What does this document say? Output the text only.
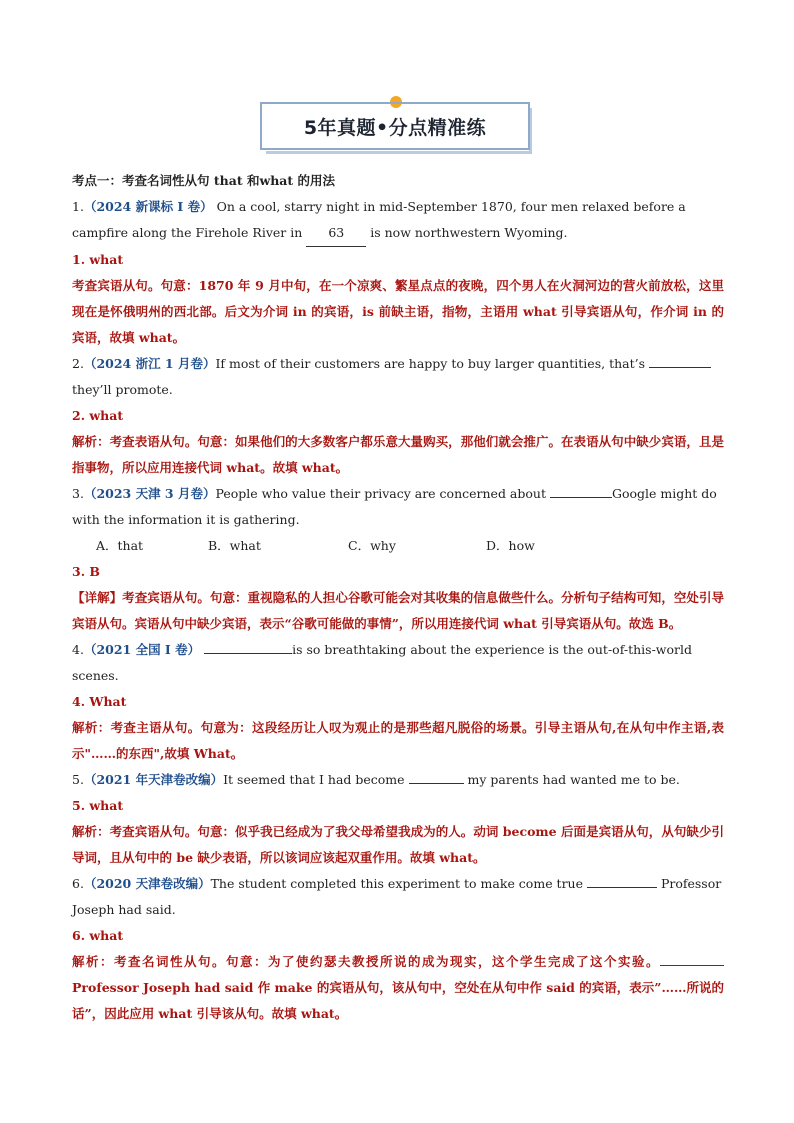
5年真题•分点精准练
考点一：考查名词性从句 that 和what 的用法
1.（2024 新课标 I 卷） On a cool, starry night in mid-September 1870, four men relaxed before a campfire along the Firehole River in 63 is now northwestern Wyoming.
1. what
考查宾语从句。句意：1870 年 9 月中旬，在一个凉爽、繁星点点的夜晚，四个男人在火洞河边的营火前放松，这里现在是怀俄明州的西北部。后文为介词 in 的宾语，is 前缺主语，指物，主语用 what 引导宾语从句，作介词 in 的宾语，故填 what。
2.（2024 浙江 1 月卷）If most of their customers are happy to buy larger quantities, that’s  they’ll promote.
2. what
解析：考查表语从句。句意：如果他们的大多数客户都乐意大量购买，那他们就会推广。在表语从句中缺少宾语，且是指事物，所以应用连接代词 what。故填 what。
3.（2023 天津 3 月卷）People who value their privacy are concerned about	Google might do with the information it is gathering.
A．that	B．what	C．why	D．how
3. B
【详解】考查宾语从句。句意：重视隐私的人担心谷歌可能会对其收集的信息做些什么。分析句子结构可知，空处引导宾语从句。宾语从句中缺少宾语，表示“谷歌可能做的事情”，所以用连接代词 what 引导宾语从句。故选 B。
4.（2021 全国 I 卷）	is so breathtaking about the experience is the out-of-this-world scenes.
4. What
解析：考查主语从句。句意为：这段经历让人叹为观止的是那些超凡脱俗的场景。引导主语从句,在从句中作主语,表示"……的东西",故填 What。
5.（2021 年天津卷改编）It seemed that I had become	my parents had wanted me to be.
5. what
解析：考查宾语从句。句意：似乎我已经成为了我父母希望我成为的人。动词 become 后面是宾语从句，从句缺少引导词，且从句中的 be 缺少表语，所以该词应该起双重作用。故填 what。
6.（2020 天津卷改编）The student completed this experiment to make come true	Professor Joseph had said.
6. what
解析：考查名词性从句。句意：为了使约瑟夫教授所说的成为现实，这个学生完成了这个实验。 Professor Joseph had said 作 make 的宾语从句，该从句中，空处在从句中作 said 的宾语，表示”……所说的话”，因此应用 what 引导该从句。故填 what。
